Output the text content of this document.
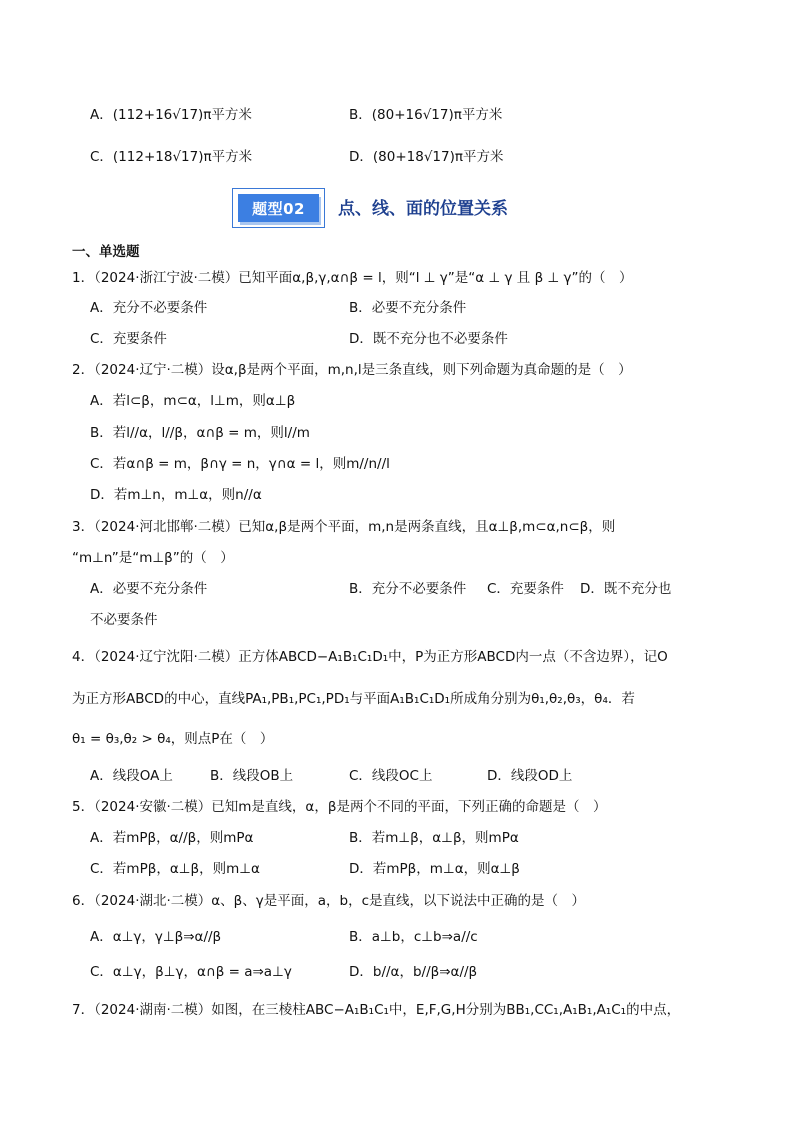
A．(112+16√17)π平方米	B．(80+16√17)π平方米
C．(112+18√17)π平方米	D．(80+18√17)π平方米
题型02	点、线、面的位置关系
一、单选题
1．（2024·浙江宁波·二模）已知平面α,β,γ,α∩β = l，则“l ⊥ γ”是“α ⊥ γ 且 β ⊥ γ”的（　）
A．充分不必要条件	B．必要不充分条件
C．充要条件	D．既不充分也不必要条件
2．（2024·辽宁·二模）设α,β是两个平面，m,n,l是三条直线，则下列命题为真命题的是（　）
A．若l⊂β，m⊂α，l⊥m，则α⊥β
B．若l//α，l//β，α∩β = m，则l//m
C．若α∩β = m，β∩γ = n，γ∩α = l，则m//n//l
D．若m⊥n，m⊥α，则n//α
3．（2024·河北邯郸·二模）已知α,β是两个平面，m,n是两条直线，且α⊥β,m⊂α,n⊂β，则
“m⊥n”是“m⊥β”的（　）
A．必要不充分条件	B．充分不必要条件 C．充要条件 D．既不充分也
不必要条件
4．（2024·辽宁沈阳·二模）正方体ABCD−A₁B₁C₁D₁中，P为正方形ABCD内一点（不含边界），记O
为正方形ABCD的中心，直线PA₁,PB₁,PC₁,PD₁与平面A₁B₁C₁D₁所成角分别为θ₁,θ₂,θ₃，θ₄．若
θ₁ = θ₃,θ₂ > θ₄，则点P在（　）
A．线段OA上	B．线段OB上	C．线段OC上	D．线段OD上
5．（2024·安徽·二模）已知m是直线，α，β是两个不同的平面，下列正确的命题是（　）
A．若mPβ，α//β，则mPα	B．若m⊥β，α⊥β，则mPα
C．若mPβ，α⊥β，则m⊥α	D．若mPβ，m⊥α，则α⊥β
6．（2024·湖北·二模）α、β、γ是平面，a，b，c是直线，以下说法中正确的是（　）
A．α⊥γ，γ⊥β⇒α//β	B．a⊥b，c⊥b⇒a//c
C．α⊥γ，β⊥γ，α∩β = a⇒a⊥γ	D．b//α，b//β⇒α//β
7．（2024·湖南·二模）如图，在三棱柱ABC−A₁B₁C₁中，E,F,G,H分别为BB₁,CC₁,A₁B₁,A₁C₁的中点，
